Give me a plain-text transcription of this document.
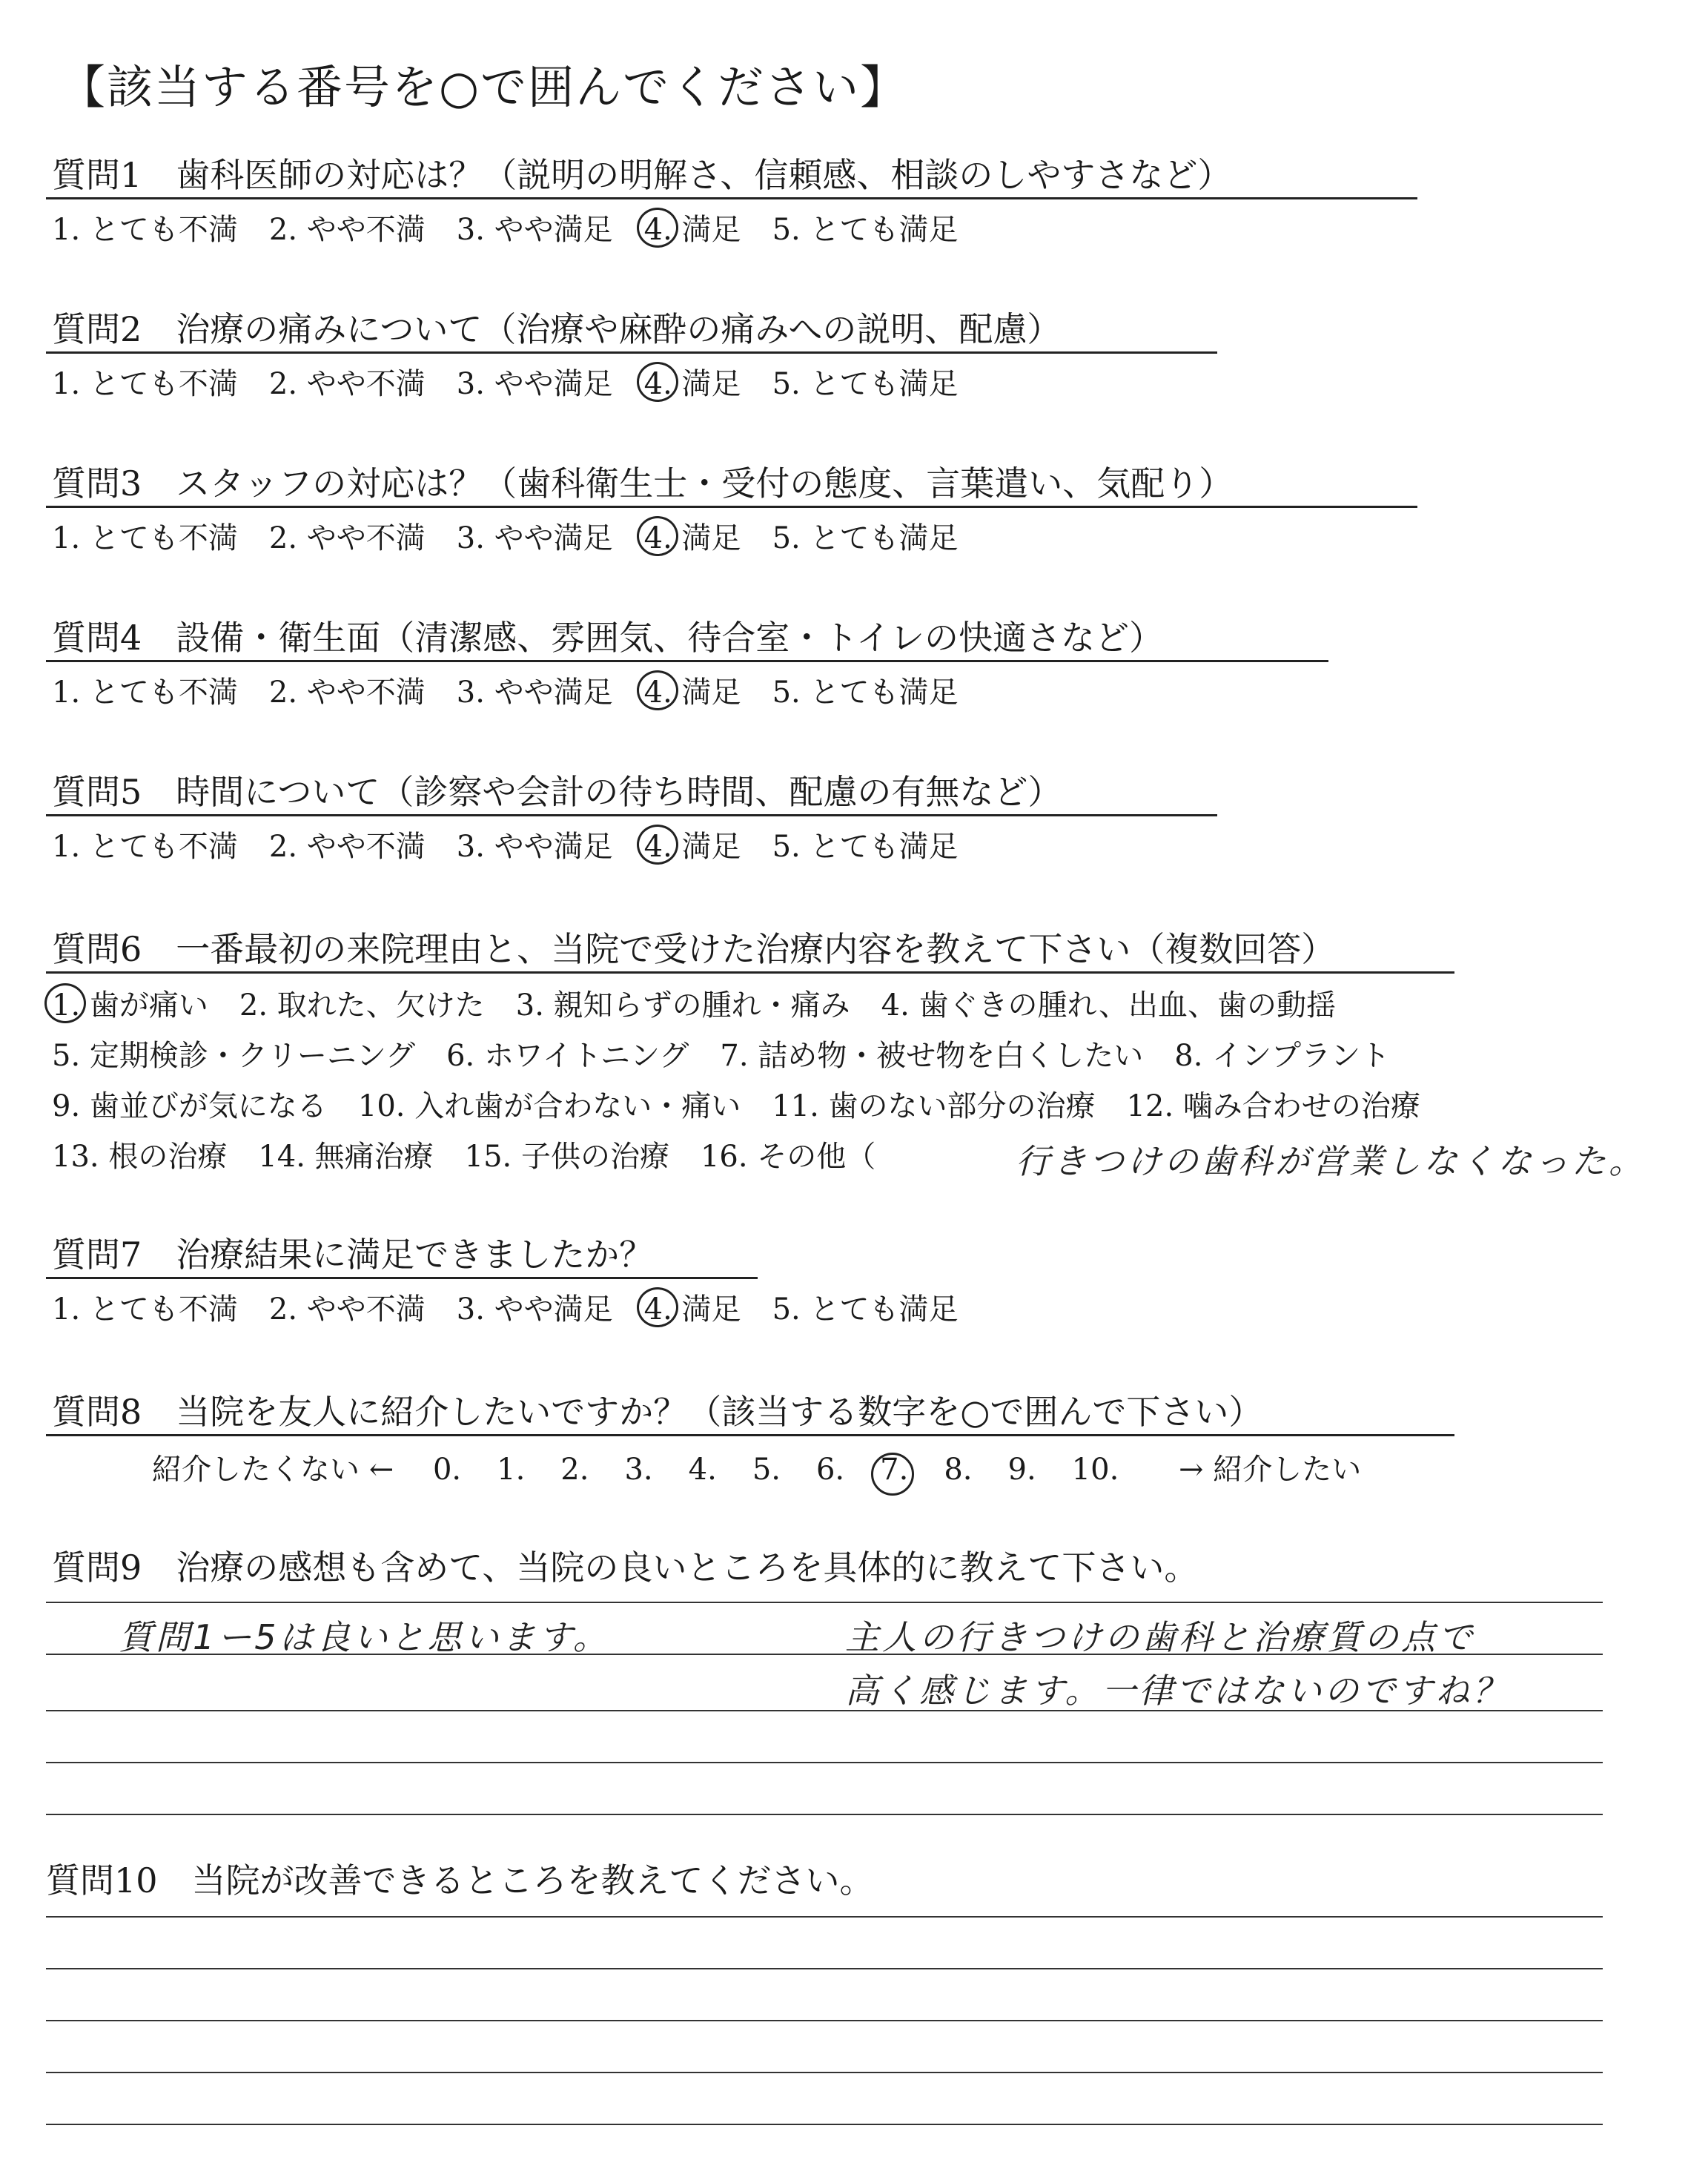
【該当する番号を○で囲んでください】
質問1　歯科医師の対応は？（説明の明解さ、信頼感、相談のしやすさなど）
1. とても不満 2. やや不満 3. やや満足 4. 満足 5. とても満足
質問2　治療の痛みについて（治療や麻酔の痛みへの説明、配慮）
1. とても不満 2. やや不満 3. やや満足 4. 満足 5. とても満足
質問3　スタッフの対応は？（歯科衛生士・受付の態度、言葉遣い、気配り）
1. とても不満 2. やや不満 3. やや満足 4. 満足 5. とても満足
質問4　設備・衛生面（清潔感、雰囲気、待合室・トイレの快適さなど）
1. とても不満 2. やや不満 3. やや満足 4. 満足 5. とても満足
質問5　時間について（診察や会計の待ち時間、配慮の有無など）
1. とても不満 2. やや不満 3. やや満足 4. 満足 5. とても満足
質問6　一番最初の来院理由と、当院で受けた治療内容を教えて下さい（複数回答）
1. 歯が痛い 2. 取れた、欠けた 3. 親知らずの腫れ・痛み 4. 歯ぐきの腫れ、出血、歯の動揺
5. 定期検診・クリーニング 6. ホワイトニング 7. 詰め物・被せ物を白くしたい 8. インプラント
9. 歯並びが気になる 10. 入れ歯が合わない・痛い 11. 歯のない部分の治療 12. 噛み合わせの治療
13. 根の治療 14. 無痛治療 15. 子供の治療 16. その他（	行きつけの歯科が営業しなくなった。
質問7　治療結果に満足できましたか？
1. とても不満 2. やや不満 3. やや満足 4. 満足 5. とても満足
質問8　当院を友人に紹介したいですか？（該当する数字を○で囲んで下さい）
紹介したくない ← 0. 1. 2. 3. 4. 5. 6. 7. 8. 9. 10. → 紹介したい
質問9　治療の感想も含めて、当院の良いところを具体的に教えて下さい。
質問1ー5は良いと思います。	主人の行きつけの歯科と治療質の点で
高く感じます。一律ではないのですね？
質問10　当院が改善できるところを教えてください。
